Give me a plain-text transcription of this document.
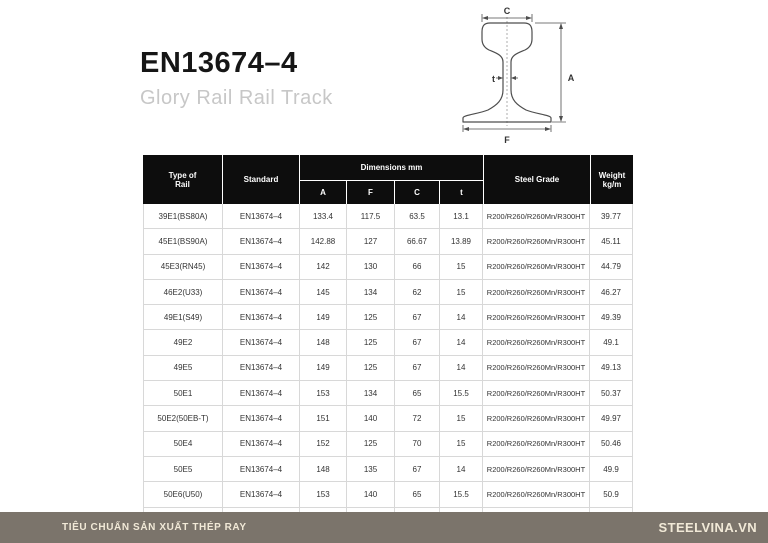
EN13674–4
Glory Rail Rail Track
C
A
t
F
Type of
Rail
Standard
Dimensions mm
Steel Grade	Weight
kg/m
A	F	C	t
39E1(BS80A)	EN13674–4	133.4	117.5	63.5	13.1	R200/R260/R260Mn/R300HT	39.77
45E1(BS90A)	EN13674–4	142.88	127	66.67	13.89	R200/R260/R260Mn/R300HT	45.11
45E3(RN45)	EN13674–4	142	130	66	15	R200/R260/R260Mn/R300HT	44.79
46E2(U33)	EN13674–4	145	134	62	15	R200/R260/R260Mn/R300HT	46.27
49E1(S49)	EN13674–4	149	125	67	14	R200/R260/R260Mn/R300HT	49.39
49E2	EN13674–4	148	125	67	14	R200/R260/R260Mn/R300HT	49.1
49E5	EN13674–4	149	125	67	14	R200/R260/R260Mn/R300HT	49.13
50E1	EN13674–4	153	134	65	15.5	R200/R260/R260Mn/R300HT	50.37
50E2(50EB-T)	EN13674–4	151	140	72	15	R200/R260/R260Mn/R300HT	49.97
50E4	EN13674–4	152	125	70	15	R200/R260/R260Mn/R300HT	50.46
50E5	EN13674–4	148	135	67	14	R200/R260/R260Mn/R300HT	49.9
50E6(U50)	EN13674–4	153	140	65	15.5	R200/R260/R260Mn/R300HT	50.9
TIÊU CHUẨN SẢN XUẤT THÉP RAY	STEELVINA.VN
